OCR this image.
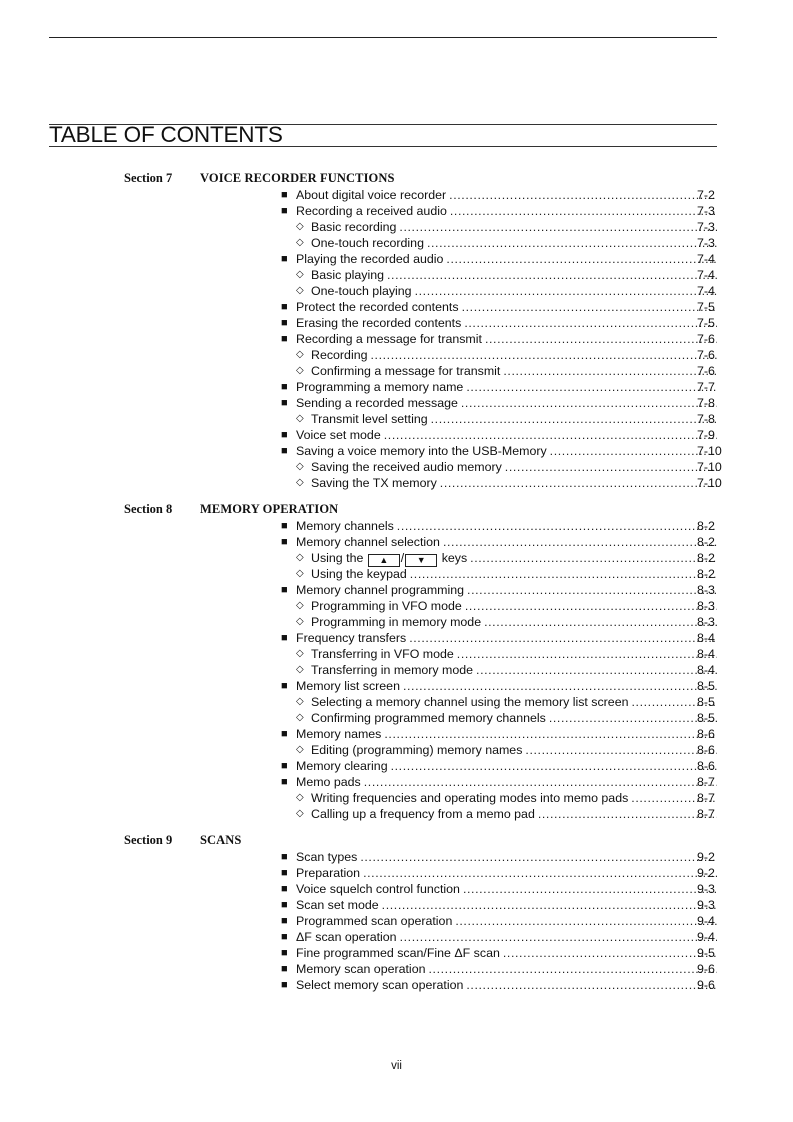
TABLE OF CONTENTS
Section 7 VOICE RECORDER FUNCTIONS
■ About digital voice recorder .....	7-2
■ Recording a received audio .....	7-3
◇ Basic recording .....	7-3
◇ One-touch recording .....	7-3
■ Playing the recorded audio .....	7-4
◇ Basic playing .....	7-4
◇ One-touch playing .....	7-4
■ Protect the recorded contents .....	7-5
■ Erasing the recorded contents .....	7-5
■ Recording a message for transmit .....	7-6
◇ Recording .....	7-6
◇ Confirming a message for transmit .....	7-6
■ Programming a memory name .....	7-7
■ Sending a recorded message .....	7-8
◇ Transmit level setting .....	7-8
■ Voice set mode .....	7-9
■ Saving a voice memory into the USB-Memory .....	7-10
◇ Saving the received audio memory .....	7-10
◇ Saving the TX memory .....	7-10
Section 8 MEMORY OPERATION
■ Memory channels .....	8-2
■ Memory channel selection .....	8-2
◇ Using the ▲ / ▼ keys .....	8-2
◇ Using the keypad .....	8-2
■ Memory channel programming .....	8-3
◇ Programming in VFO mode .....	8-3
◇ Programming in memory mode .....	8-3
■ Frequency transfers .....	8-4
◇ Transferring in VFO mode .....	8-4
◇ Transferring in memory mode .....	8-4
■ Memory list screen .....	8-5
◇ Selecting a memory channel using the memory list screen .....	8-5
◇ Confirming programmed memory channels .....	8-5
■ Memory names .....	8-6
◇ Editing (programming) memory names .....	8-6
■ Memory clearing .....	8-6
■ Memo pads .....	8-7
◇ Writing frequencies and operating modes into memo pads .....	8-7
◇ Calling up a frequency from a memo pad .....	8-7
Section 9 SCANS
■ Scan types .....	9-2
■ Preparation .....	9-2
■ Voice squelch control function .....	9-3
■ Scan set mode .....	9-3
■ Programmed scan operation .....	9-4
■ ΔF scan operation .....	9-4
■ Fine programmed scan/Fine ΔF scan .....	9-5
■ Memory scan operation .....	9-6
■ Select memory scan operation .....	9-6
vii
